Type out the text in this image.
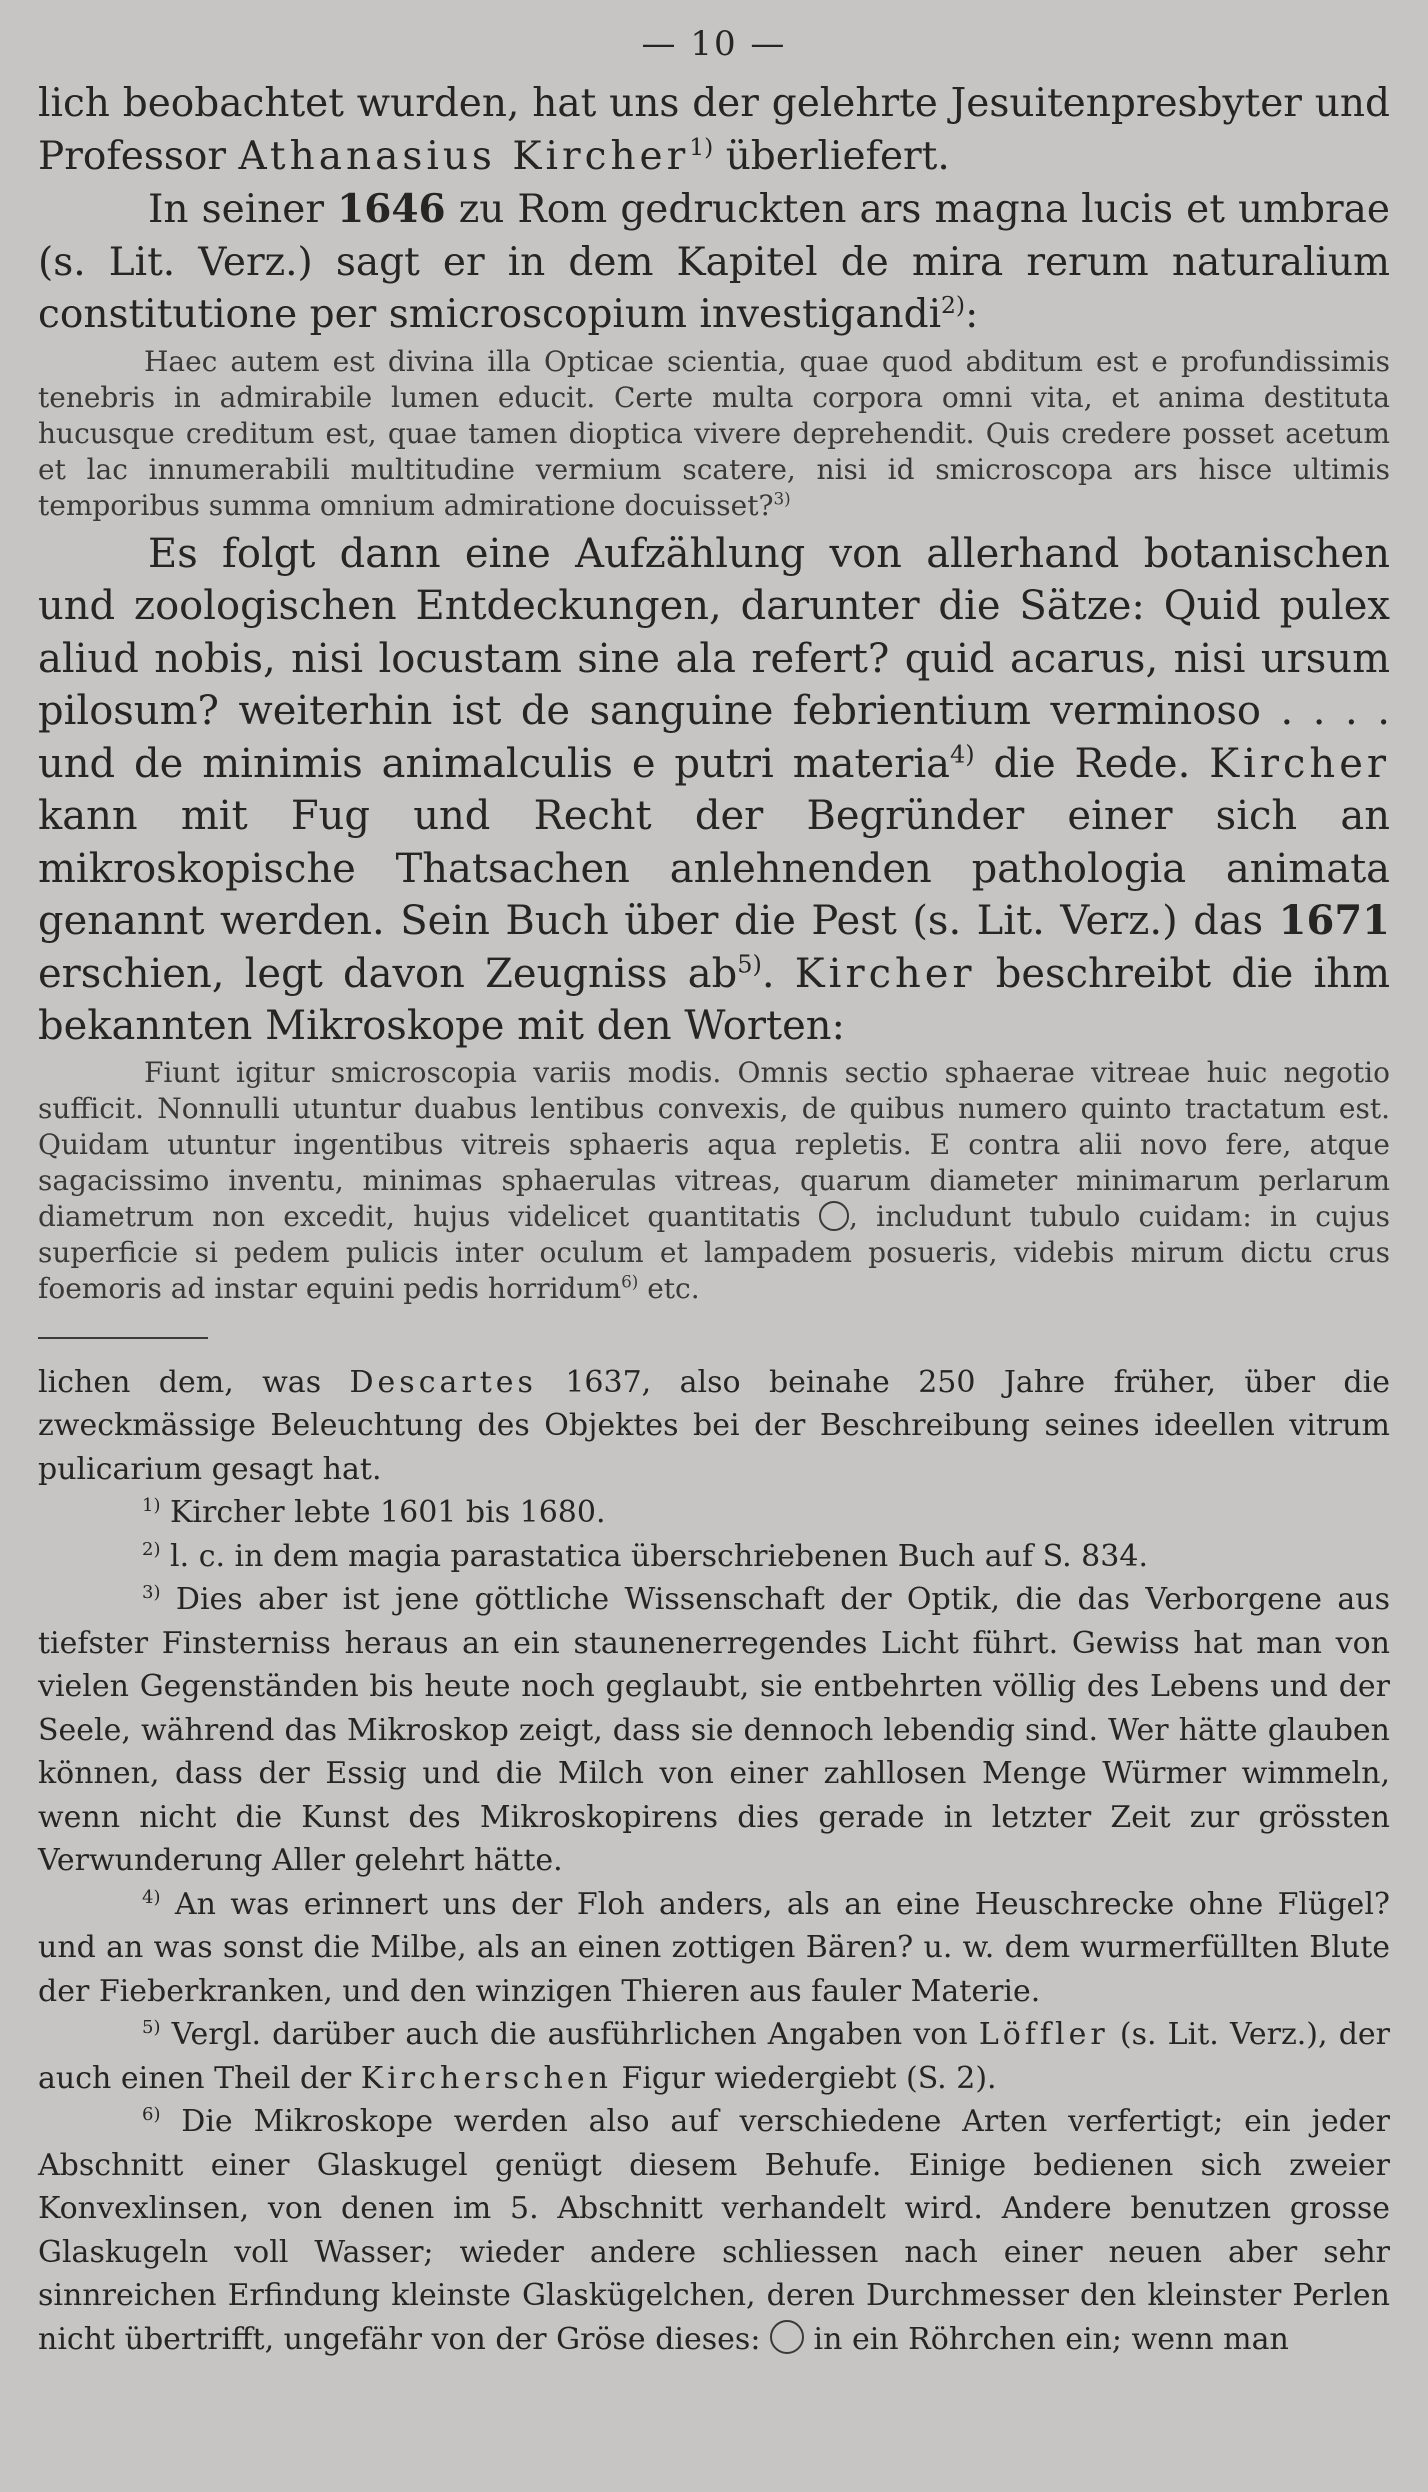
— 10 —

lich beobachtet wurden, hat uns der gelehrte Jesuitenpresbyter und Professor Athanasius Kircher$^{1)}$ überliefert.

In seiner 1646 zu Rom gedruckten ars magna lucis et umbrae (s. Lit. Verz.) sagt er in dem Kapitel de mira rerum naturalium constitutione per smicroscopium investigandi$^{2)}$:

Haec autem est divina illa Opticae scientia, quae quod abditum est e profundissimis tenebris in admirabile lumen educit. Certe multa corpora omni vita, et anima destituta hucusque creditum est, quae tamen dioptica vivere deprehendit. Quis credere posset acetum et lac innumerabili multitudine vermium scatere, nisi id smicroscopa ars hisce ultimis temporibus summa omnium admiratione docuisset?$^{3)}$

Es folgt dann eine Aufzählung von allerhand botanischen und zoologischen Entdeckungen, darunter die Sätze: Quid pulex aliud nobis, nisi locustam sine ala refert? quid acarus, nisi ursum pilosum? weiterhin ist de sanguine febrientium verminoso . . . . und de minimis animalculis e putri materia$^{4)}$ die Rede. Kircher kann mit Fug und Recht der Begründer einer sich an mikroskopische Thatsachen anlehnenden pathologia animata genannt werden. Sein Buch über die Pest (s. Lit. Verz.) das 1671 erschien, legt davon Zeugniss $ab^{5)}$. Kircher beschreibt die ihm bekannten Mikroskope mit den Worten:

Fiunt igitur smicroscopia variis modis. Omnis sectio sphaerae vitreae huic negotio sufficit. Nonnulli utuntur duabus lentibus convexis, de quibus numero quinto tractatum est. Quidam utuntur ingentibus vitreis sphaeris aqua repletis. E contra alii novo fere, atque sagacissimo inventu, minimas sphaerulas vitreas, quarum diameter minimarum perlarum diametrum non excedit, hujus videlicet quantitatis , includunt tubulo cuidam: in cujus superficie si pedem pulicis inter oculum et lampadem posueris, videbis mirum dictu crus foemoris ad instar equini pedis horridum$^{6)}$ etc.

lichen dem, was Descartes 1637, also beinahe 250 Jahre früher, über die zweckmässige Beleuchtung des Objektes bei der Beschreibung seines ideellen vitrum pulicarium gesagt hat.

$^{1)}$ Kircher lebte 1601 bis 1680.

$^{2)}$ l. c. in dem magia parastatica überschriebenen Buch auf S. 834.

$^{3)}$ Dies aber ist jene göttliche Wissenschaft der Optik, die das Verborgene aus tiefster Finsterniss heraus an ein staunenerregendes Licht führt. Gewiss hat man von vielen Gegenständen bis heute noch geglaubt, sie entbehrten völlig des Lebens und der Seele, während das Mikroskop zeigt, dass sie dennoch lebendig sind. Wer hätte glauben können, dass der Essig und die Milch von einer zahllosen Menge Würmer wimmeln, wenn nicht die Kunst des Mikroskopirens dies gerade in letzter Zeit zur grössten Verwunderung Aller gelehrt hätte.

$^{4)}$ An was erinnert uns der Floh anders, als an eine Heuschrecke ohne Flügel? und an was sonst die Milbe, als an einen zottigen Bären? u. w. dem wurmerfüllten Blute der Fieberkranken, und den winzigen Thieren aus fauler Materie.

$^{5)}$ Vergl. darüber auch die ausführlichen Angaben von Löffler (s. Lit. Verz.), der auch einen Theil der Kircherschen Figur wiedergiebt (S. 2).

$^{6)}$ Die Mikroskope werden also auf verschiedene Arten verfertigt; ein jeder Abschnitt einer Glaskugel genügt diesem Behufe. Einige bedienen sich zweier Konvexlinsen, von denen im 5. Abschnitt verhandelt wird. Andere benutzen grosse Glaskugeln voll Wasser; wieder andere schliessen nach einer neuen aber sehr sinnreichen Erfindung kleinste Glaskügelchen, deren Durchmesser den kleinster Perlen nicht übertrifft, ungefähr von der Gröse dieses:  in ein Röhrchen ein; wenn man
